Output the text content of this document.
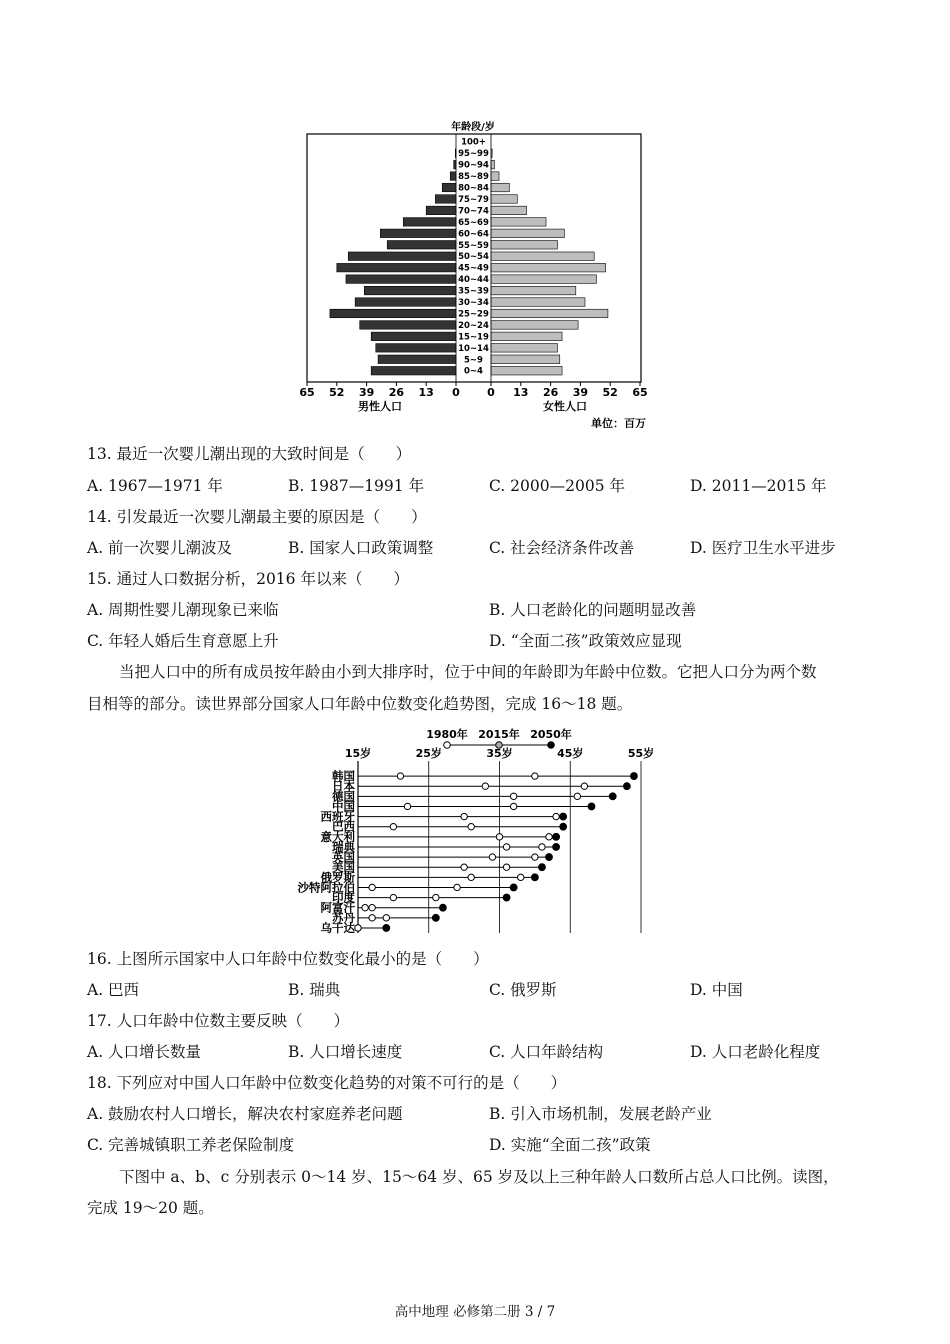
年龄段/岁
100+
95~99
90~94
85~89
80~84
75~79
70~74
65~69
60~64
55~59
50~54
45~49
40~44
35~39
30~34
25~29
20~24
15~19
10~14
5~9
0~4
65 52 39 26 13 0 0 13 26 39 52 65
男性人口	女性人口
单位：百万
13. 最近一次婴儿潮出现的大致时间是（　　）
A. 1967—1971 年	B. 1987—1991 年	C. 2000—2005 年	D. 2011—2015 年
14. 引发最近一次婴儿潮最主要的原因是（　　）
A. 前一次婴儿潮波及	B. 国家人口政策调整	C. 社会经济条件改善	D. 医疗卫生水平进步
15. 通过人口数据分析，2016 年以来（　　）
A. 周期性婴儿潮现象已来临	B. 人口老龄化的问题明显改善
C. 年轻人婚后生育意愿上升	D. “全面二孩”政策效应显现
当把人口中的所有成员按年龄由小到大排序时，位于中间的年龄即为年龄中位数。它把人口分为两个数
目相等的部分。读世界部分国家人口年龄中位数变化趋势图，完成 16～18 题。
1980年 2015年 2050年
15岁	25岁	35岁	45岁	55岁
韩国
日本
德国
中国
西班牙
巴西
意大利
瑞典
英国
美国
俄罗斯
沙特阿拉伯
印度
阿富汗
苏丹
乌干达
16. 上图所示国家中人口年龄中位数变化最小的是（　　）
A. 巴西	B. 瑞典	C. 俄罗斯	D. 中国
17. 人口年龄中位数主要反映（　　）
A. 人口增长数量	B. 人口增长速度	C. 人口年龄结构	D. 人口老龄化程度
18. 下列应对中国人口年龄中位数变化趋势的对策不可行的是（　　）
A. 鼓励农村人口增长，解决农村家庭养老问题	B. 引入市场机制，发展老龄产业
C. 完善城镇职工养老保险制度	D. 实施“全面二孩”政策
下图中 a、b、c 分别表示 0～14 岁、15～64 岁、65 岁及以上三种年龄人口数所占总人口比例。读图，
完成 19～20 题。
高中地理 必修第二册 3 / 7
